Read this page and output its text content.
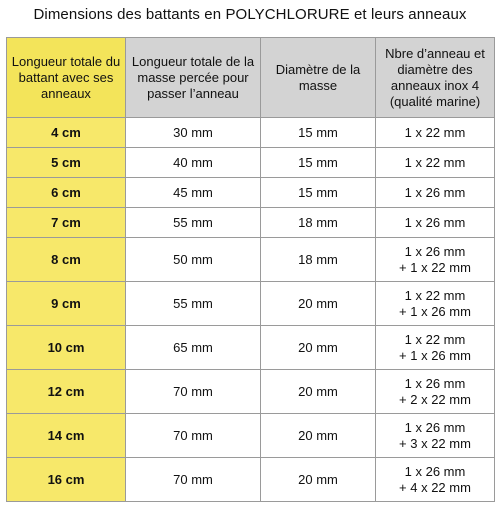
Dimensions des battants en POLYCHLORURE et leurs anneaux
Longueur totale du battant avec ses anneaux	Longueur totale de la masse percée pour passer l’anneau	Diamètre de la masse	Nbre d’anneau et diamètre des anneaux inox 4 (qualité marine)
4 cm	30 mm	15 mm	1 x 22 mm

5 cm	40 mm	15 mm	1 x 22 mm

6 cm	45 mm	15 mm	1 x 26 mm

7 cm	55 mm	18 mm	1 x 26 mm

8 cm	50 mm	18 mm	1 x 26 mm
+ 1 x 22 mm

9 cm	55 mm	20 mm	1 x 22 mm
+ 1 x 26 mm

10 cm	65 mm	20 mm	1 x 22 mm
+ 1 x 26 mm

12 cm	70 mm	20 mm	1 x 26 mm
+ 2 x 22 mm

14 cm	70 mm	20 mm	1 x 26 mm
+ 3 x 22 mm

16 cm	70 mm	20 mm	1 x 26 mm
+ 4 x 22 mm
